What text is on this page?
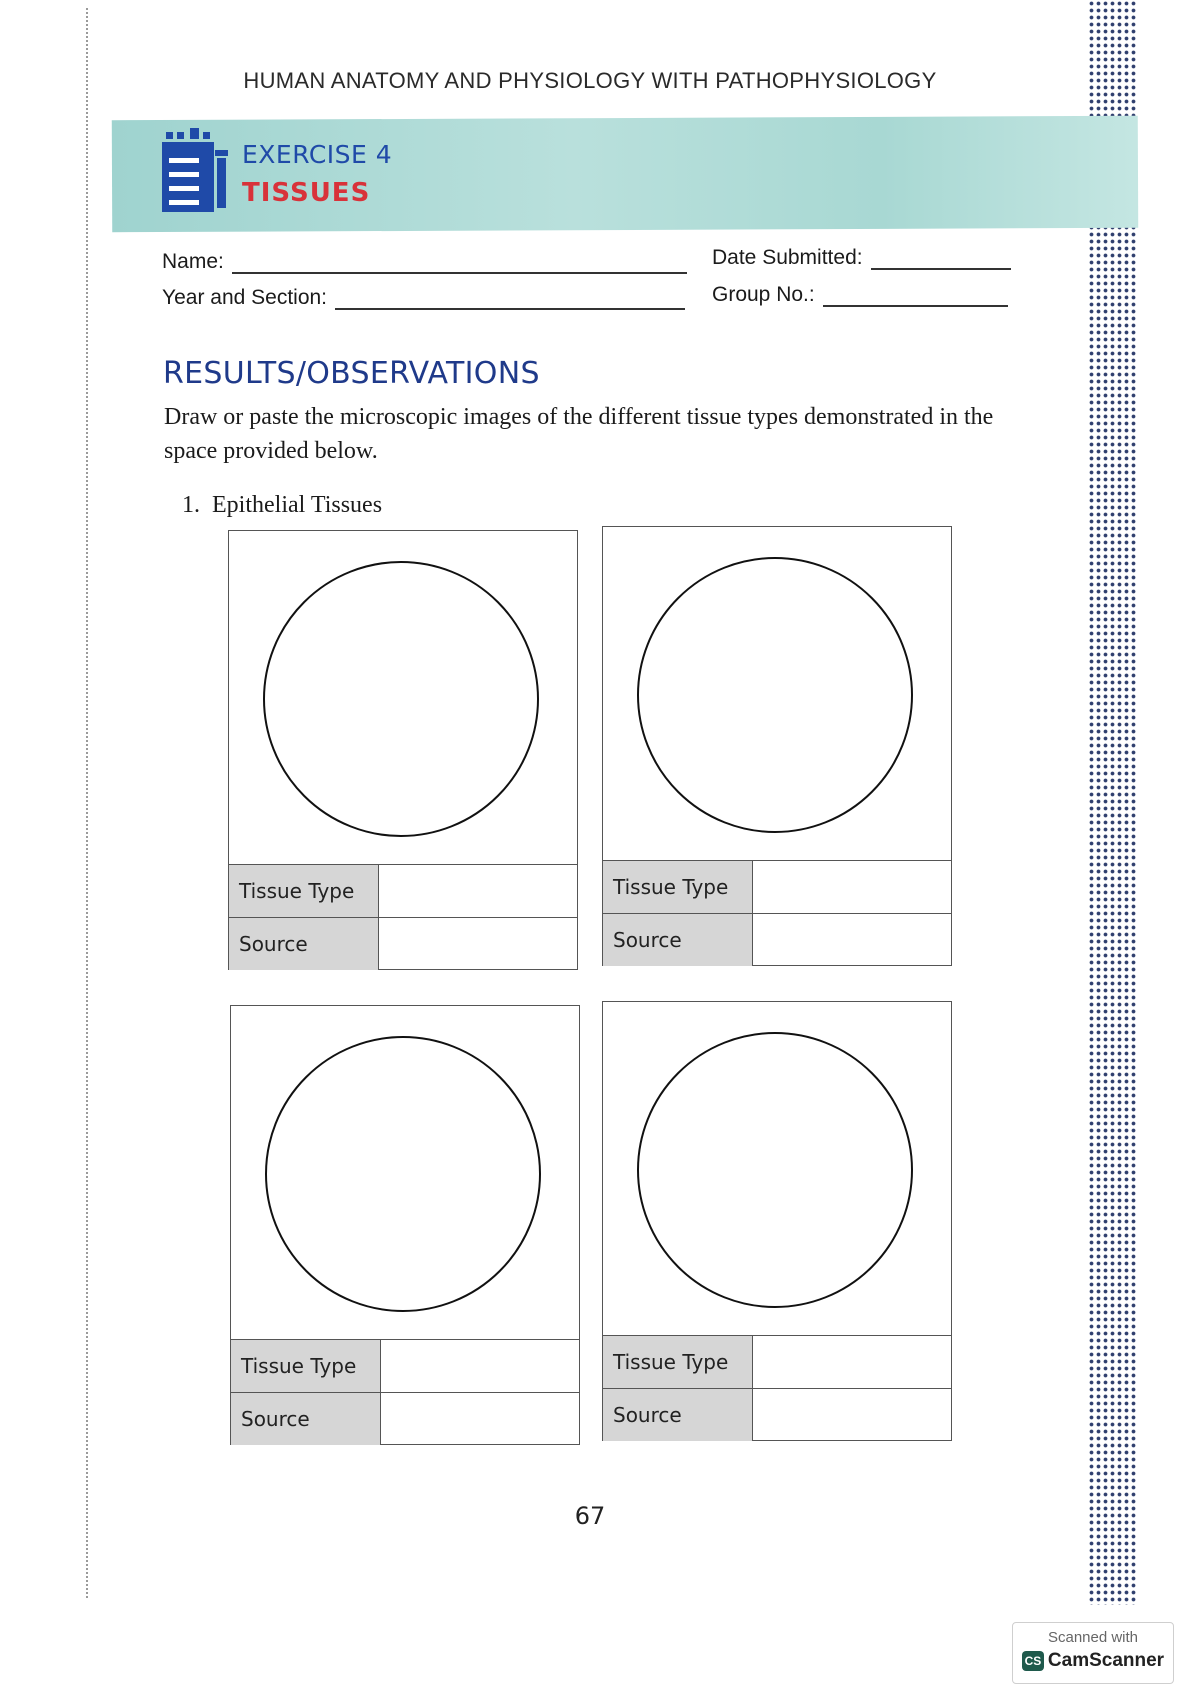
HUMAN ANATOMY AND PHYSIOLOGY WITH PATHOPHYSIOLOGY
EXERCISE 4
TISSUES
Name:
Year and Section:
Date Submitted:
Group No.:
RESULTS/OBSERVATIONS
Draw or paste the microscopic images of the different tissue types demonstrated in the space provided below.
1. Epithelial Tissues
Tissue Type
Source
Tissue Type
Source
Tissue Type
Source
Tissue Type
Source
67
Scanned with
CS CamScanner
